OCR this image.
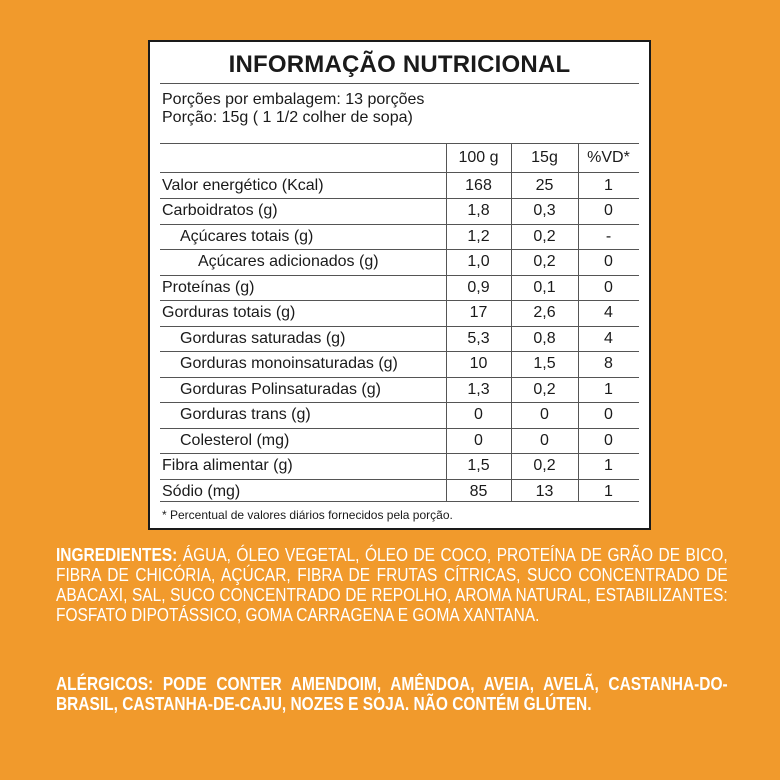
INFORMAÇÃO NUTRICIONAL
Porções por embalagem: 13 porções
Porção: 15g ( 1 1/2 colher de sopa)
100 g	15g	%VD*
Valor energético (Kcal)	168	25	1
Carboidratos (g)	1,8	0,3	0
Açúcares totais (g)	1,2	0,2	-
Açúcares adicionados (g)	1,0	0,2	0
Proteínas (g)	0,9	0,1	0
Gorduras totais (g)	17	2,6	4
Gorduras saturadas (g)	5,3	0,8	4
Gorduras monoinsaturadas (g)	10	1,5	8
Gorduras Polinsaturadas (g)	1,3	0,2	1
Gorduras trans (g)	0	0	0
Colesterol (mg)	0	0	0
Fibra alimentar (g)	1,5	0,2	1
Sódio (mg)	85	13	1
* Percentual de valores diários fornecidos pela porção.
INGREDIENTES: ÁGUA, ÓLEO VEGETAL, ÓLEO DE COCO, PROTEÍNA DE GRÃO DE BICO, FIBRA DE CHICÓRIA, AÇÚCAR, FIBRA DE FRUTAS CÍTRICAS, SUCO CONCENTRADO DE ABACAXI, SAL, SUCO CONCENTRADO DE REPOLHO, AROMA NATURAL, ESTABILIZANTES: FOSFATO DIPOTÁSSICO, GOMA CARRAGENA E GOMA XANTANA.
ALÉRGICOS: PODE CONTER AMENDOIM, AMÊNDOA, AVEIA, AVELÃ, CASTANHA-DO-BRASIL, CASTANHA-DE-CAJU, NOZES E SOJA. NÃO CONTÉM GLÚTEN.
